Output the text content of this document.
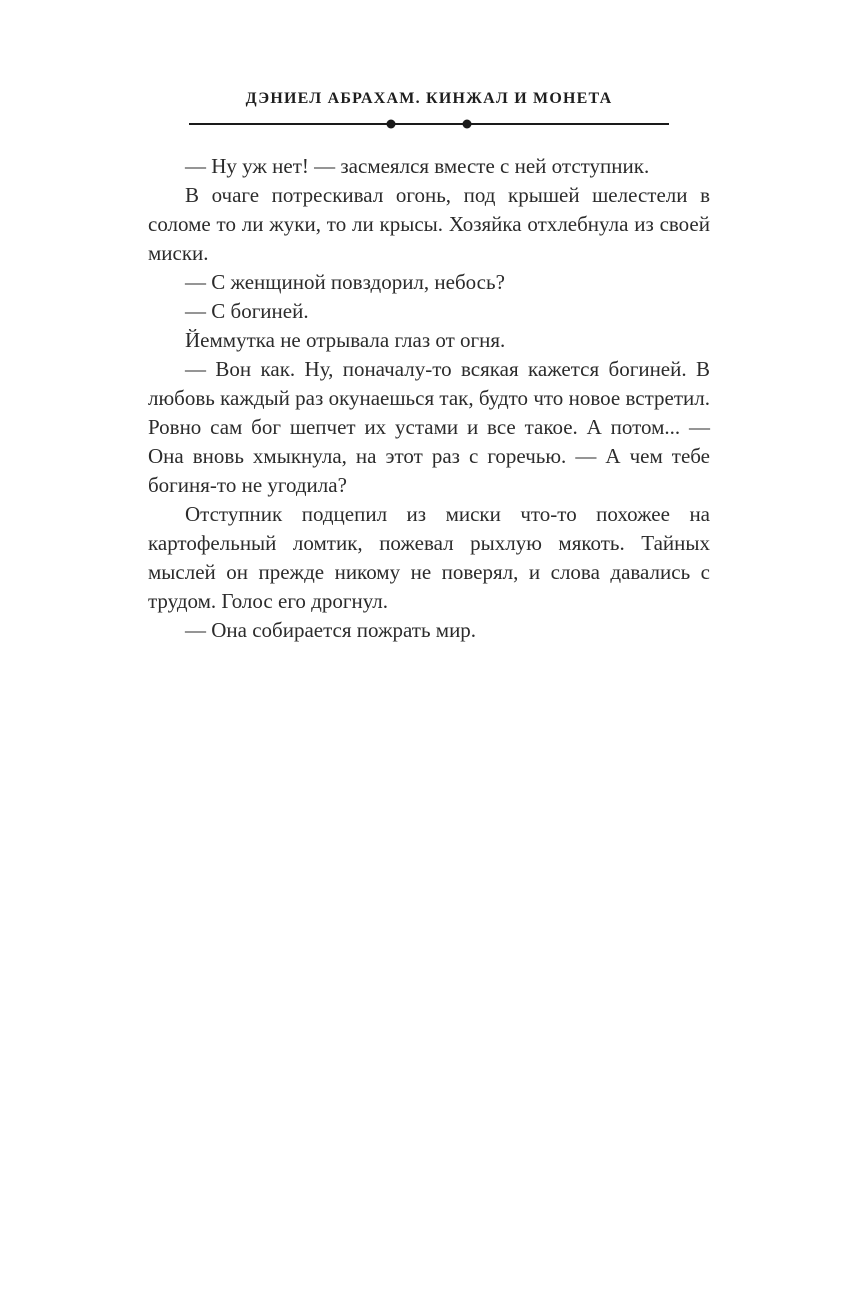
ДЭНИЕЛ АБРАХАМ. КИНЖАЛ И МОНЕТА

— Ну уж нет! — засмеялся вместе с ней отступник.

В очаге потрескивал огонь, под крышей шелестели в соломе то ли жуки, то ли крысы. Хозяйка отхлебнула из своей миски.

— С женщиной повздорил, небось?

— С богиней.

Йеммутка не отрывала глаз от огня.

— Вон как. Ну, поначалу-то всякая кажется богиней. В любовь каждый раз окунаешься так, будто что новое встретил. Ровно сам бог шепчет их устами и все такое. А потом... — Она вновь хмыкнула, на этот раз с горечью. — А чем тебе богиня-то не угодила?

Отступник подцепил из миски что-то похожее на картофельный ломтик, пожевал рыхлую мякоть. Тайных мыслей он прежде никому не поверял, и слова давались с трудом. Голос его дрогнул.

— Она собирается пожрать мир.
